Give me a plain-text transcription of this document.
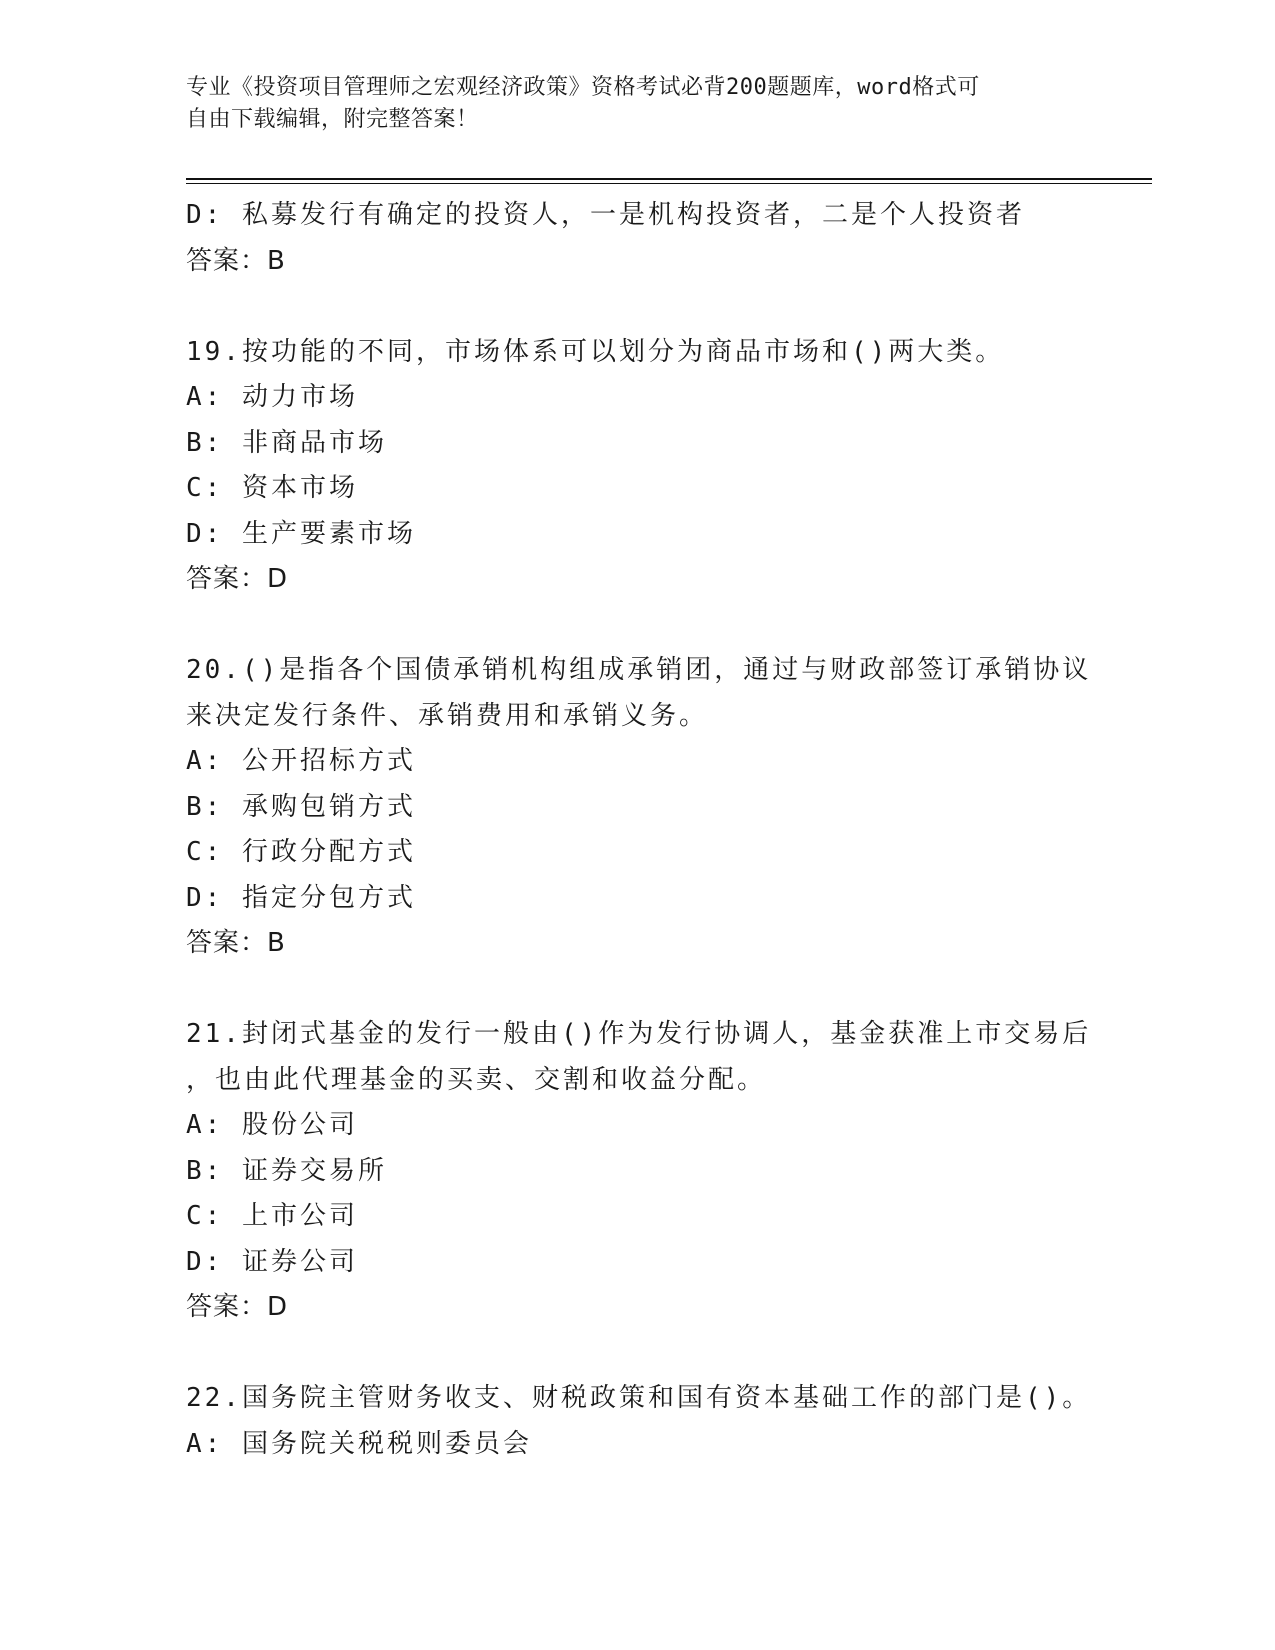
专业《投资项目管理师之宏观经济政策》资格考试必背200题题库，word格式可
自由下载编辑，附完整答案！
D: 私募发行有确定的投资人，一是机构投资者，二是个人投资者
答案：B
19.按功能的不同，市场体系可以划分为商品市场和()两大类。
A: 动力市场
B: 非商品市场
C: 资本市场
D: 生产要素市场
答案：D
20.()是指各个国债承销机构组成承销团，通过与财政部签订承销协议
来决定发行条件、承销费用和承销义务。
A: 公开招标方式
B: 承购包销方式
C: 行政分配方式
D: 指定分包方式
答案：B
21.封闭式基金的发行一般由()作为发行协调人，基金获准上市交易后
，也由此代理基金的买卖、交割和收益分配。
A: 股份公司
B: 证券交易所
C: 上市公司
D: 证券公司
答案：D
22.国务院主管财务收支、财税政策和国有资本基础工作的部门是()。
A: 国务院关税税则委员会
